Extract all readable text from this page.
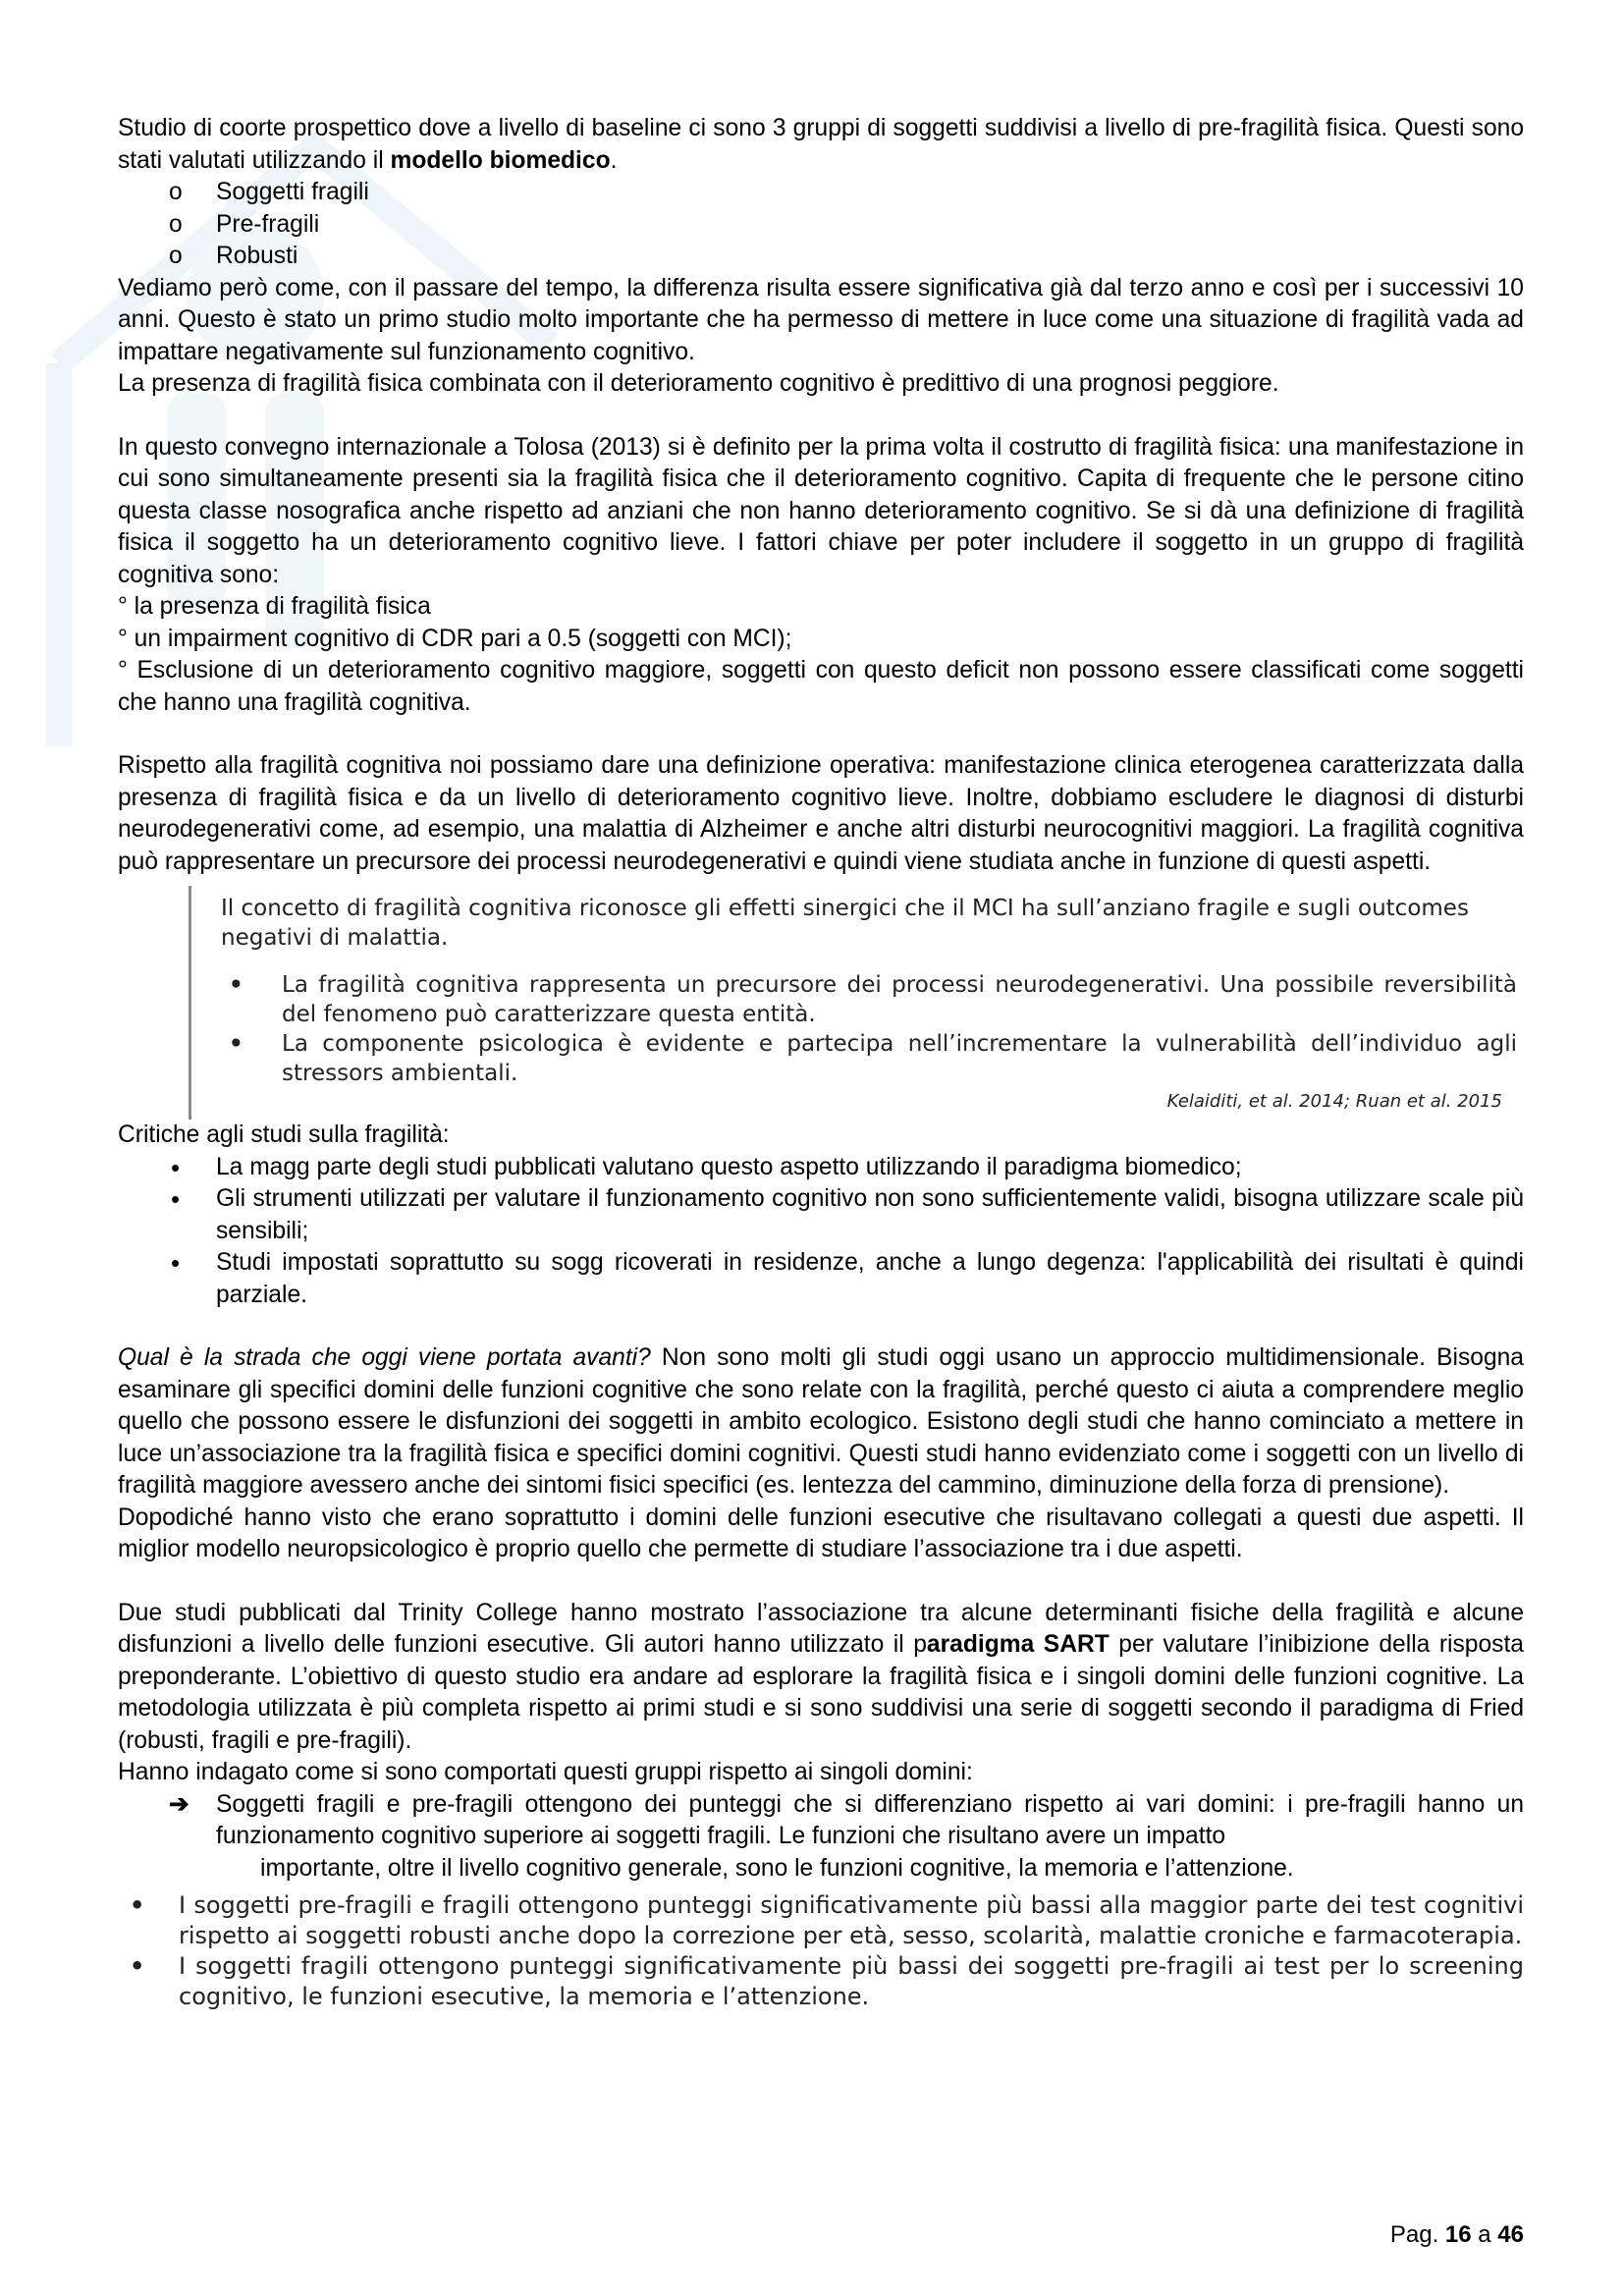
Studio di coorte prospettico dove a livello di baseline ci sono 3 gruppi di soggetti suddivisi a livello di pre-fragilità fisica. Questi sono stati valutati utilizzando il modello biomedico.

o Soggetti fragili
o Pre-fragili
o Robusti

Vediamo però come, con il passare del tempo, la differenza risulta essere significativa già dal terzo anno e così per i successivi 10 anni. Questo è stato un primo studio molto importante che ha permesso di mettere in luce come una situazione di fragilità vada ad impattare negativamente sul funzionamento cognitivo.

La presenza di fragilità fisica combinata con il deterioramento cognitivo è predittivo di una prognosi peggiore.

In questo convegno internazionale a Tolosa (2013) si è definito per la prima volta il costrutto di fragilità fisica: una manifestazione in cui sono simultaneamente presenti sia la fragilità fisica che il deterioramento cognitivo. Capita di frequente che le persone citino questa classe nosografica anche rispetto ad anziani che non hanno deterioramento cognitivo. Se si dà una definizione di fragilità fisica il soggetto ha un deterioramento cognitivo lieve. I fattori chiave per poter includere il soggetto in un gruppo di fragilità cognitiva sono:

° la presenza di fragilità fisica

° un impairment cognitivo di CDR pari a 0.5 (soggetti con MCI);

° Esclusione di un deterioramento cognitivo maggiore, soggetti con questo deficit non possono essere classificati come soggetti che hanno una fragilità cognitiva.

Rispetto alla fragilità cognitiva noi possiamo dare una definizione operativa: manifestazione clinica eterogenea caratterizzata dalla presenza di fragilità fisica e da un livello di deterioramento cognitivo lieve. Inoltre, dobbiamo escludere le diagnosi di disturbi neurodegenerativi come, ad esempio, una malattia di Alzheimer e anche altri disturbi neurocognitivi maggiori. La fragilità cognitiva può rappresentare un precursore dei processi neurodegenerativi e quindi viene studiata anche in funzione di questi aspetti.

Il concetto di fragilità cognitiva riconosce gli effetti sinergici che il MCI ha sull’anziano fragile e sugli outcomes negativi di malattia.

• La fragilità cognitiva rappresenta un precursore dei processi neurodegenerativi. Una possibile reversibilità del fenomeno può caratterizzare questa entità.
• La componente psicologica è evidente e partecipa nell’incrementare la vulnerabilità dell’individuo agli stressors ambientali.
Kelaiditi, et al. 2014; Ruan et al. 2015

Critiche agli studi sulla fragilità:

• La magg parte degli studi pubblicati valutano questo aspetto utilizzando il paradigma biomedico;
• Gli strumenti utilizzati per valutare il funzionamento cognitivo non sono sufficientemente validi, bisogna utilizzare scale più sensibili;
• Studi impostati soprattutto su sogg ricoverati in residenze, anche a lungo degenza: l'applicabilità dei risultati è quindi parziale.

Qual è la strada che oggi viene portata avanti? Non sono molti gli studi oggi usano un approccio multidimensionale. Bisogna esaminare gli specifici domini delle funzioni cognitive che sono relate con la fragilità, perché questo ci aiuta a comprendere meglio quello che possono essere le disfunzioni dei soggetti in ambito ecologico. Esistono degli studi che hanno cominciato a mettere in luce un’associazione tra la fragilità fisica e specifici domini cognitivi. Questi studi hanno evidenziato come i soggetti con un livello di fragilità maggiore avessero anche dei sintomi fisici specifici (es. lentezza del cammino, diminuzione della forza di prensione).

Dopodiché hanno visto che erano soprattutto i domini delle funzioni esecutive che risultavano collegati a questi due aspetti. Il miglior modello neuropsicologico è proprio quello che permette di studiare l’associazione tra i due aspetti.

Due studi pubblicati dal Trinity College hanno mostrato l’associazione tra alcune determinanti fisiche della fragilità e alcune disfunzioni a livello delle funzioni esecutive. Gli autori hanno utilizzato il paradigma SART per valutare l’inibizione della risposta preponderante. L’obiettivo di questo studio era andare ad esplorare la fragilità fisica e i singoli domini delle funzioni cognitive. La metodologia utilizzata è più completa rispetto ai primi studi e si sono suddivisi una serie di soggetti secondo il paradigma di Fried (robusti, fragili e pre-fragili).

Hanno indagato come si sono comportati questi gruppi rispetto ai singoli domini:

➔ Soggetti fragili e pre-fragili ottengono dei punteggi che si differenziano rispetto ai vari domini: i pre-fragili hanno un funzionamento cognitivo superiore ai soggetti fragili. Le funzioni che risultano avere un impatto
importante, oltre il livello cognitivo generale, sono le funzioni cognitive, la memoria e l’attenzione.
• I soggetti pre-fragili e fragili ottengono punteggi significativamente più bassi alla maggior parte dei test cognitivi rispetto ai soggetti robusti anche dopo la correzione per età, sesso, scolarità, malattie croniche e farmacoterapia.
• I soggetti fragili ottengono punteggi significativamente più bassi dei soggetti pre-fragili ai test per lo screening cognitivo, le funzioni esecutive, la memoria e l’attenzione.
Pag. 16 a 46
